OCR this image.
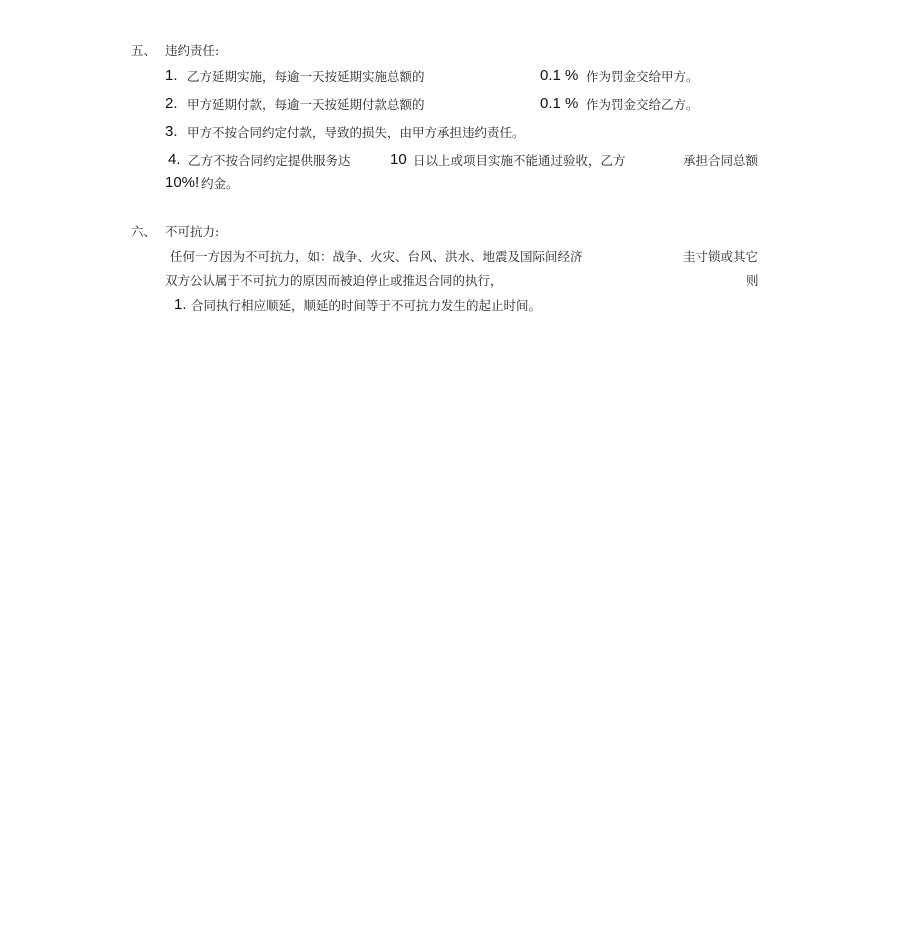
五、 违约责任:
1. 乙方延期实施，每逾一天按延期实施总额的	0.1 % 作为罚金交给甲方。
2. 甲方延期付款，每逾一天按延期付款总额的	0.1 % 作为罚金交给乙方。
3. 甲方不按合同约定付款，导致的损失，由甲方承担违约责任。
4. 乙方不按合同约定提供服务达	10 日以上或项目实施不能通过验收，乙方	承担合同总额
10%! 约金。
六、 不可抗力:
任何一方因为不可抗力，如：战争、火灾、台风、洪水、地震及国际间经济	圭寸锁或其它
双方公认属于不可抗力的原因而被迫停止或推迟合同的执行，	则
1. 合同执行相应顺延，顺延的时间等于不可抗力发生的起止时间。
